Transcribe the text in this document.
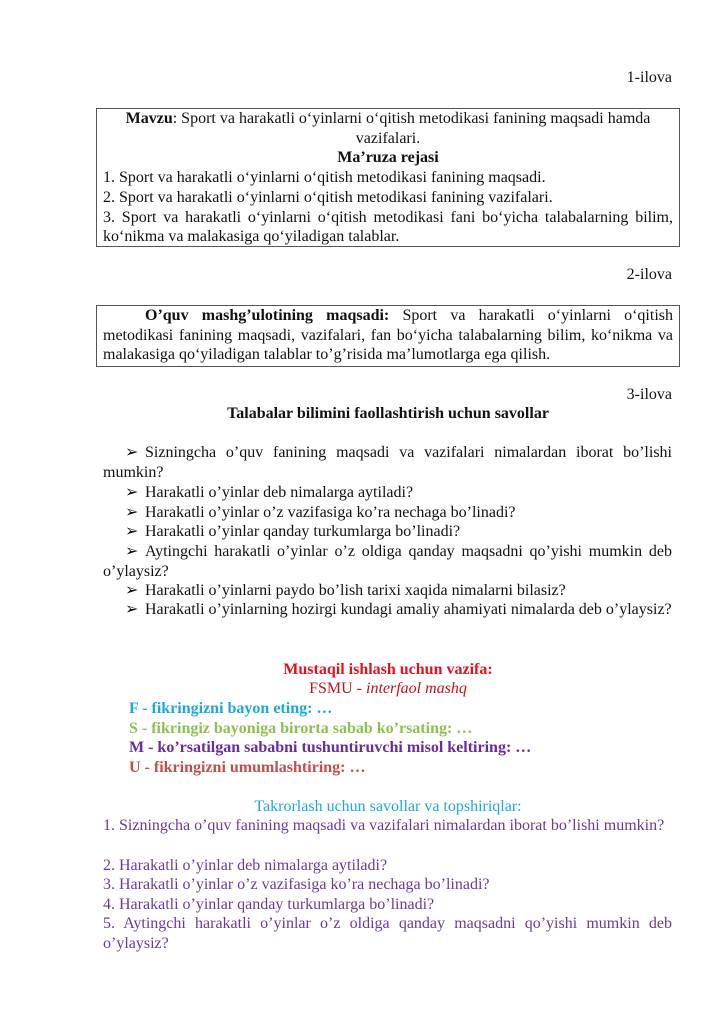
1-ilova
Mavzu: Sport va harakatli o‘yinlarni o‘qitish metodikasi fanining maqsadi hamda vazifalari.
Ma’ruza rejasi
1. Sport va harakatli o‘yinlarni o‘qitish metodikasi fanining maqsadi.
2. Sport va harakatli o‘yinlarni o‘qitish metodikasi fanining vazifalari.
3. Sport va harakatli o‘yinlarni o‘qitish metodikasi fani bo‘yicha talabalarning bilim, ko‘nikma va malakasiga qo‘yiladigan talablar.
2-ilova
O’quv mashg’ulotining maqsadi: Sport va harakatli o‘yinlarni o‘qitish metodikasi fanining maqsadi, vazifalari, fan bo‘yicha talabalarning bilim, ko‘nikma va malakasiga qo‘yiladigan talablar to’g’risida ma’lumotlarga ega qilish.
3-ilova
Talabalar bilimini faollashtirish uchun savollar
➢ Sizningcha o’quv fanining maqsadi va vazifalari nimalardan iborat bo’lishi mumkin?
➢ Harakatli o’yinlar deb nimalarga aytiladi?
➢ Harakatli o’yinlar o’z vazifasiga ko’ra nechaga bo’linadi?
➢ Harakatli o’yinlar qanday turkumlarga bo’linadi?
➢ Aytingchi harakatli o’yinlar o’z oldiga qanday maqsadni qo’yishi mumkin deb o’ylaysiz?
➢ Harakatli o’yinlarni paydo bo’lish tarixi xaqida nimalarni bilasiz?
➢ Harakatli o’yinlarning hozirgi kundagi amaliy ahamiyati nimalarda deb o’ylaysiz?
Mustaqil ishlash uchun vazifa:
FSMU - interfaol mashq
F - fikringizni bayon eting: …
S - fikringiz bayoniga birorta sabab ko’rsating: …
M - ko’rsatilgan sababni tushuntiruvchi misol keltiring: …
U - fikringizni umumlashtiring: …
Takrorlash uchun savollar va topshiriqlar:
1. Sizningcha o’quv fanining maqsadi va vazifalari nimalardan iborat bo’lishi mumkin?
2. Harakatli o’yinlar deb nimalarga aytiladi?
3. Harakatli o’yinlar o’z vazifasiga ko’ra nechaga bo’linadi?
4. Harakatli o’yinlar qanday turkumlarga bo’linadi?
5. Aytingchi harakatli o’yinlar o’z oldiga qanday maqsadni qo’yishi mumkin deb o’ylaysiz?
